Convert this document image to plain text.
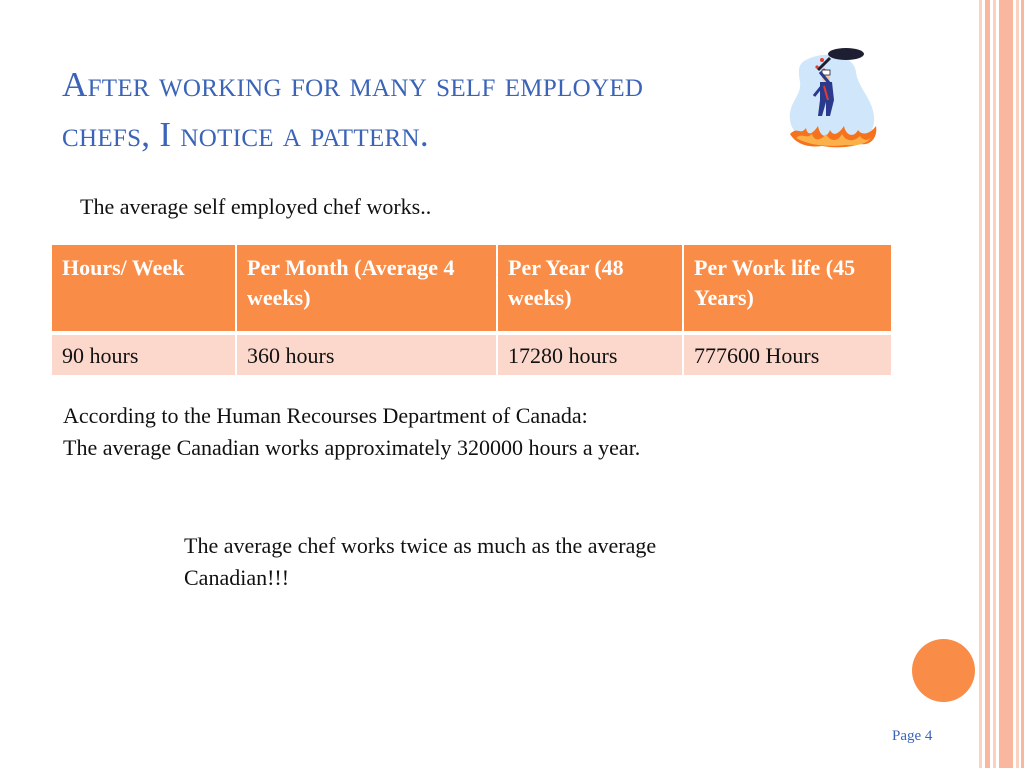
After working for many self employed
chefs, I notice a pattern.

The average self employed chef works..

Hours/ Week	Per Month (Average 4 weeks)	Per Year (48 weeks)	Per Work life (45 Years)
90 hours	360 hours	17280 hours	777600 Hours

According to the Human Recourses Department of Canada:
The average Canadian works approximately 320000 hours a year.

The average chef works twice as much as the average Canadian!!!

Page 4
